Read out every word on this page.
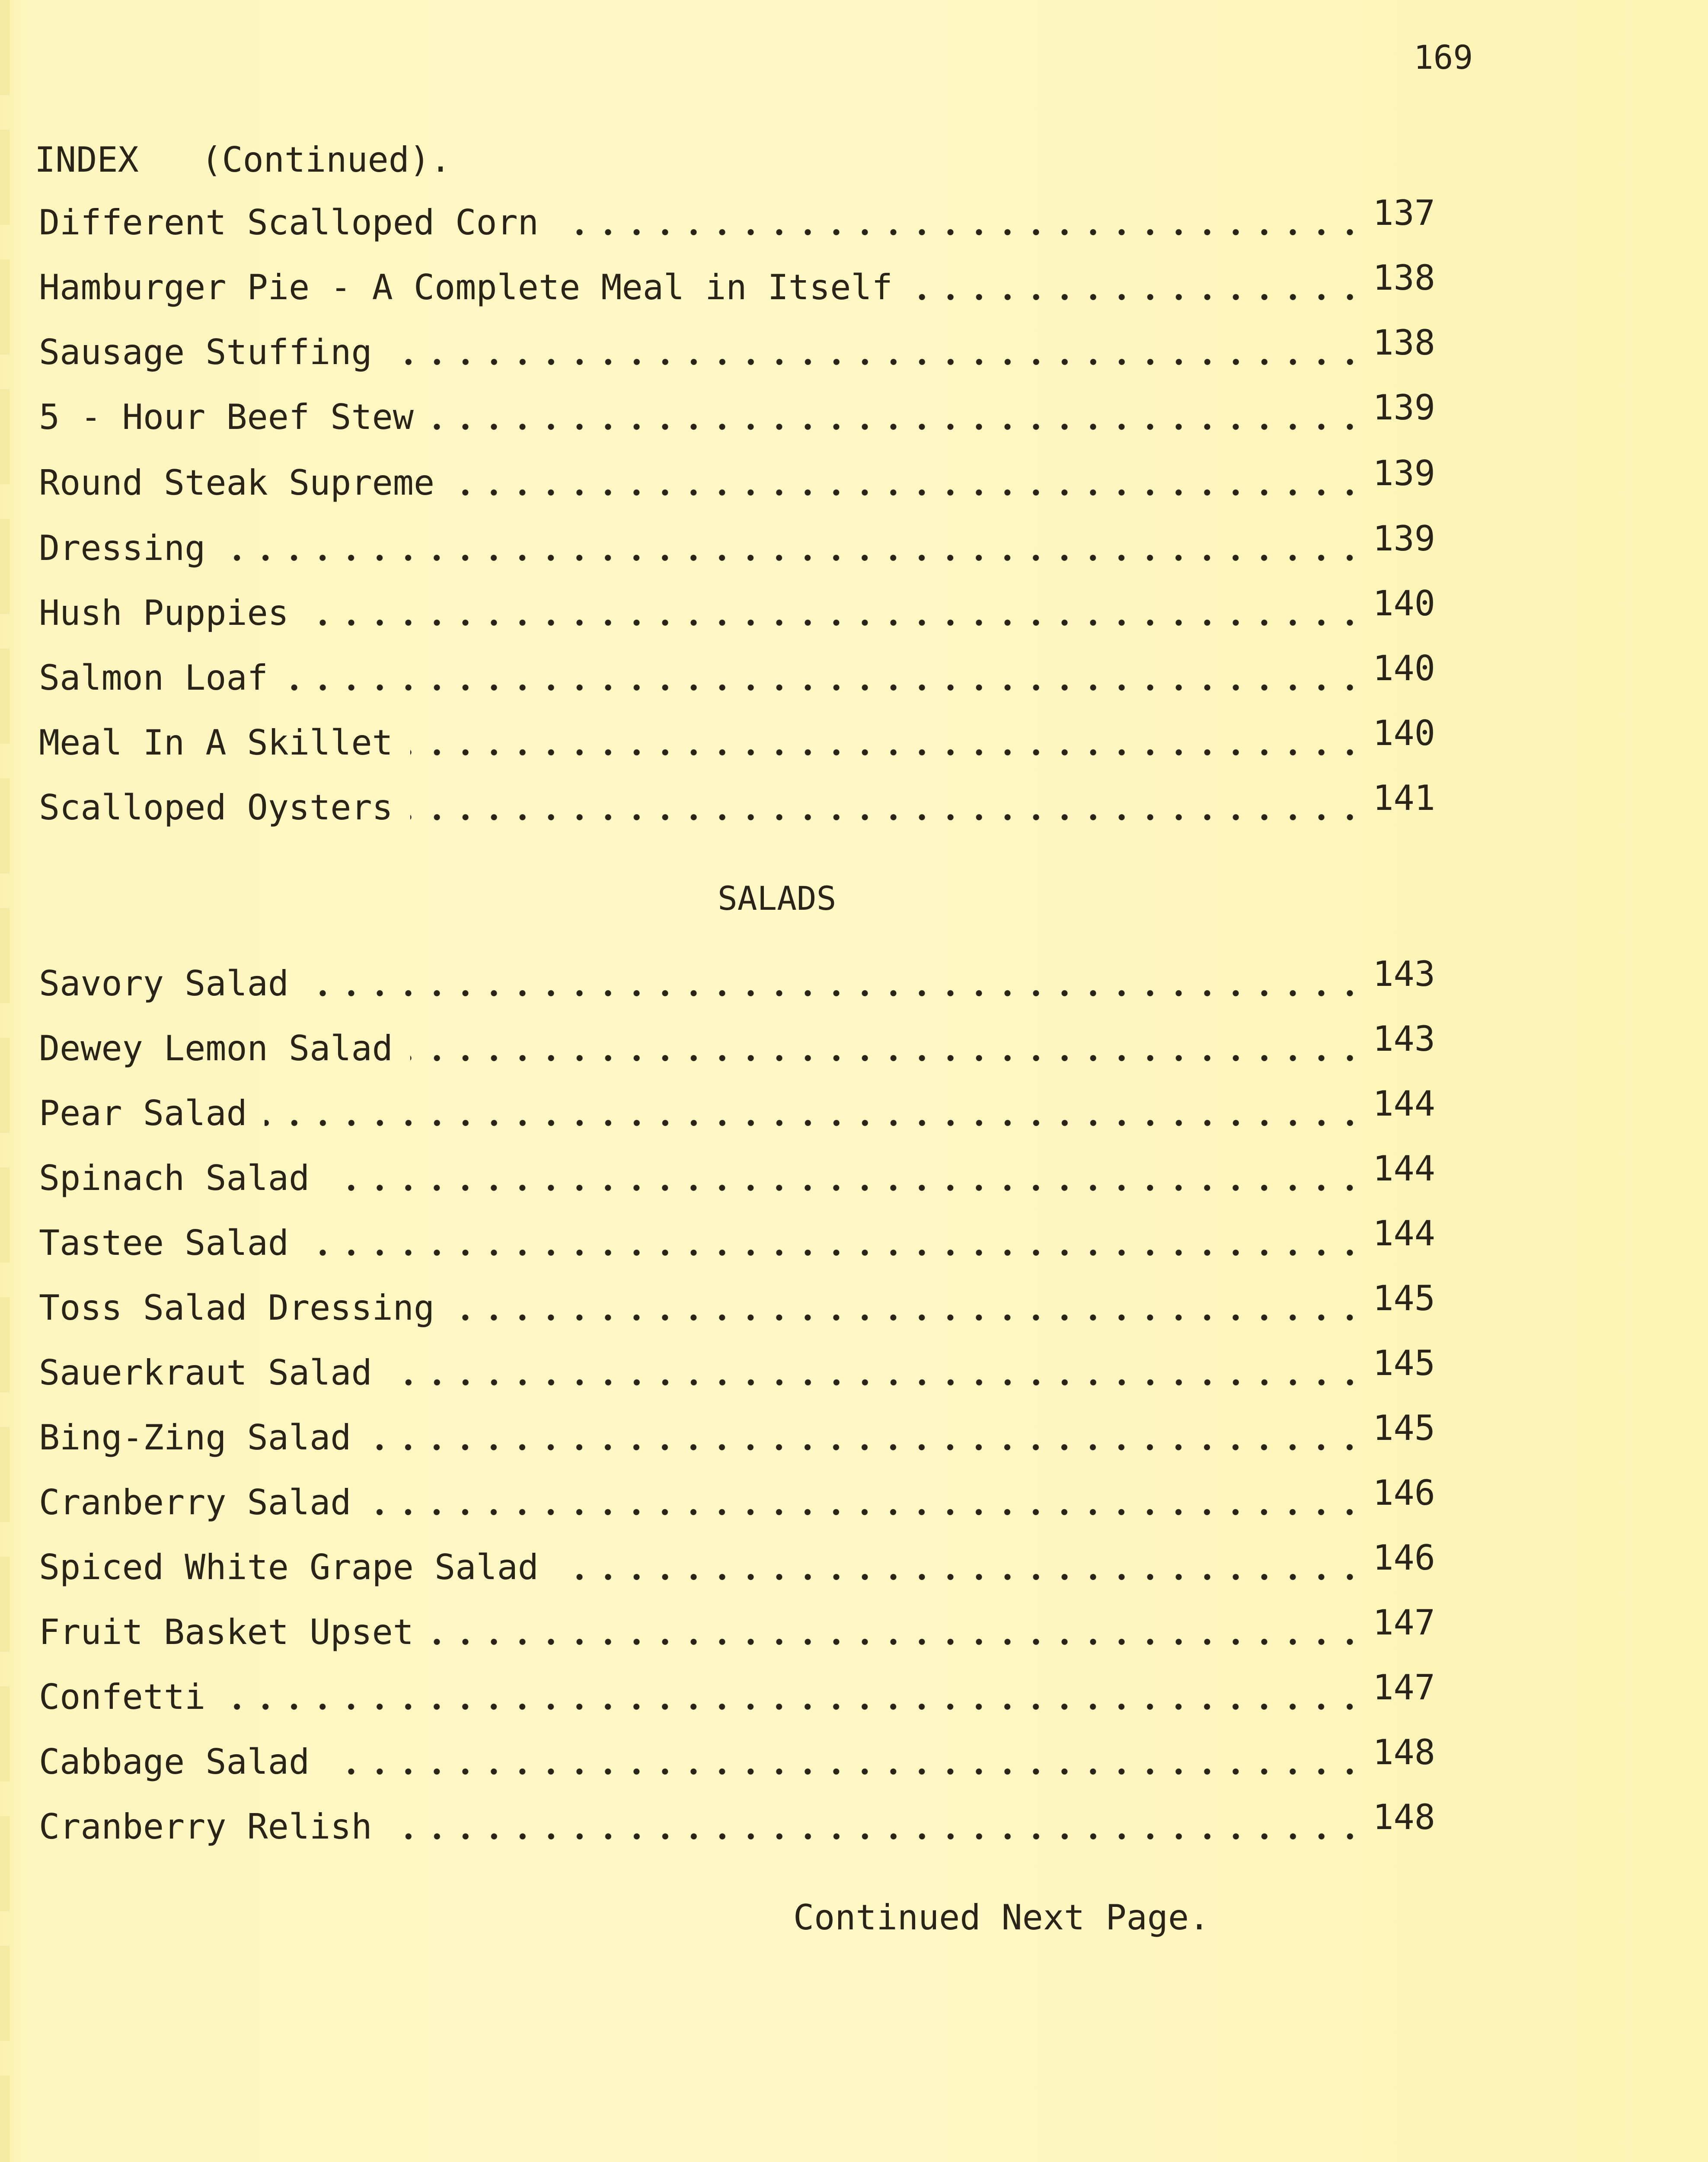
169
INDEX   (Continued).
Different Scalloped Corn	137
Hamburger Pie - A Complete Meal in Itself	138
Sausage Stuffing	138
5 - Hour Beef Stew	139
Round Steak Supreme	139
Dressing	139
Hush Puppies	140
Salmon Loaf	140
Meal In A Skillet	140
Scalloped Oysters	141
SALADS
Savory Salad	143
Dewey Lemon Salad	143
Pear Salad	144
Spinach Salad	144
Tastee Salad	144
Toss Salad Dressing	145
Sauerkraut Salad	145
Bing-Zing Salad	145
Cranberry Salad	146
Spiced White Grape Salad	146
Fruit Basket Upset	147
Confetti	147
Cabbage Salad	148
Cranberry Relish	148
Continued Next Page.
